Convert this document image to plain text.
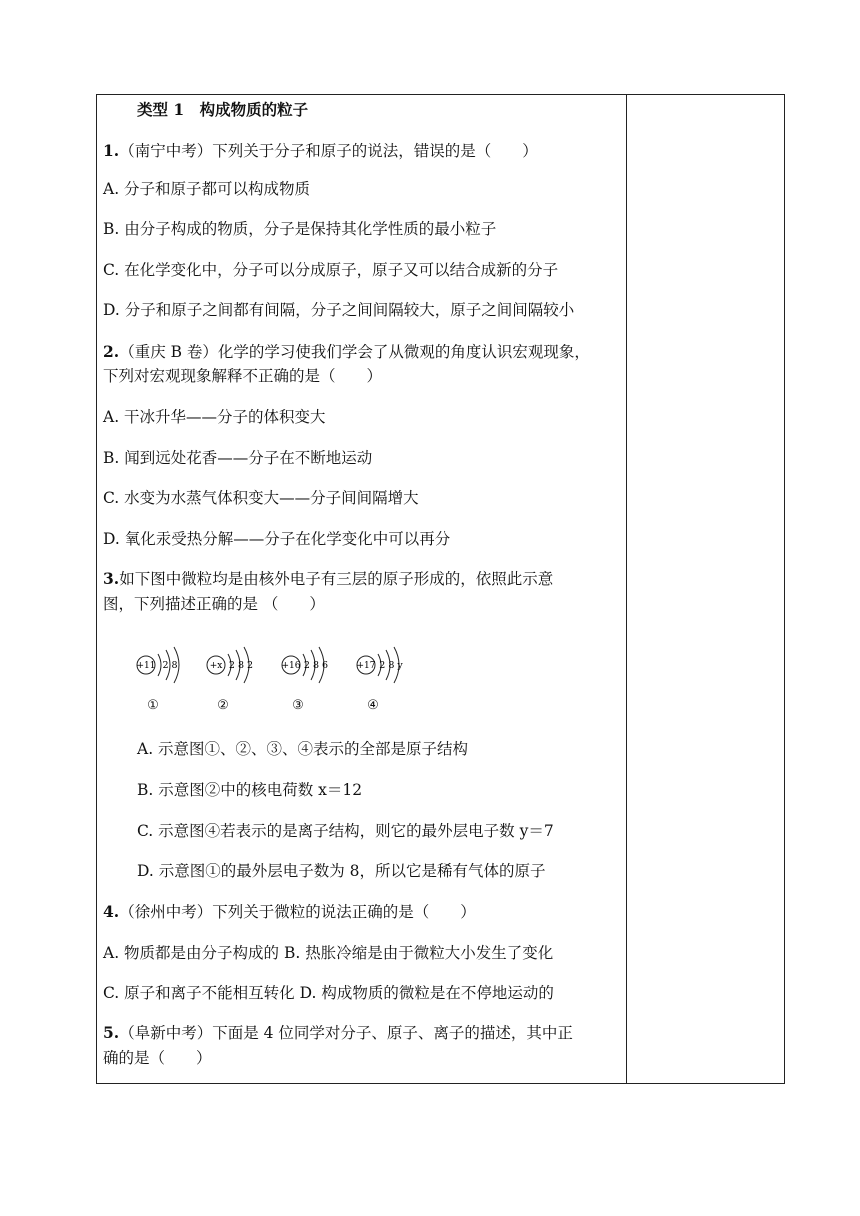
类型 1　构成物质的粒子
1.（南宁中考）下列关于分子和原子的说法，错误的是（　　）
A. 分子和原子都可以构成物质
B. 由分子构成的物质，分子是保持其化学性质的最小粒子
C. 在化学变化中，分子可以分成原子，原子又可以结合成新的分子
D. 分子和原子之间都有间隔，分子之间间隔较大，原子之间间隔较小
2.（重庆 B 卷）化学的学习使我们学会了从微观的角度认识宏观现象，
下列对宏观现象解释不正确的是（　　）
A. 干冰升华——分子的体积变大
B. 闻到远处花香——分子在不断地运动
C. 水变为水蒸气体积变大——分子间间隔增大
D. 氧化汞受热分解——分子在化学变化中可以再分
3.如下图中微粒均是由核外电子有三层的原子形成的，依照此示意
图，下列描述正确的是 （　　）
+11 2 8
①
+x 2 8 2
②
+16 2 8 6
③
+17 2 8 y
④
A. 示意图①、②、③、④表示的全部是原子结构
B. 示意图②中的核电荷数 x＝12
C. 示意图④若表示的是离子结构，则它的最外层电子数 y＝7
D. 示意图①的最外层电子数为 8，所以它是稀有气体的原子
4.（徐州中考）下列关于微粒的说法正确的是（　　）
A. 物质都是由分子构成的 B. 热胀冷缩是由于微粒大小发生了变化
C. 原子和离子不能相互转化 D. 构成物质的微粒是在不停地运动的
5.（阜新中考）下面是 4 位同学对分子、原子、离子的描述，其中正
确的是（　　）
